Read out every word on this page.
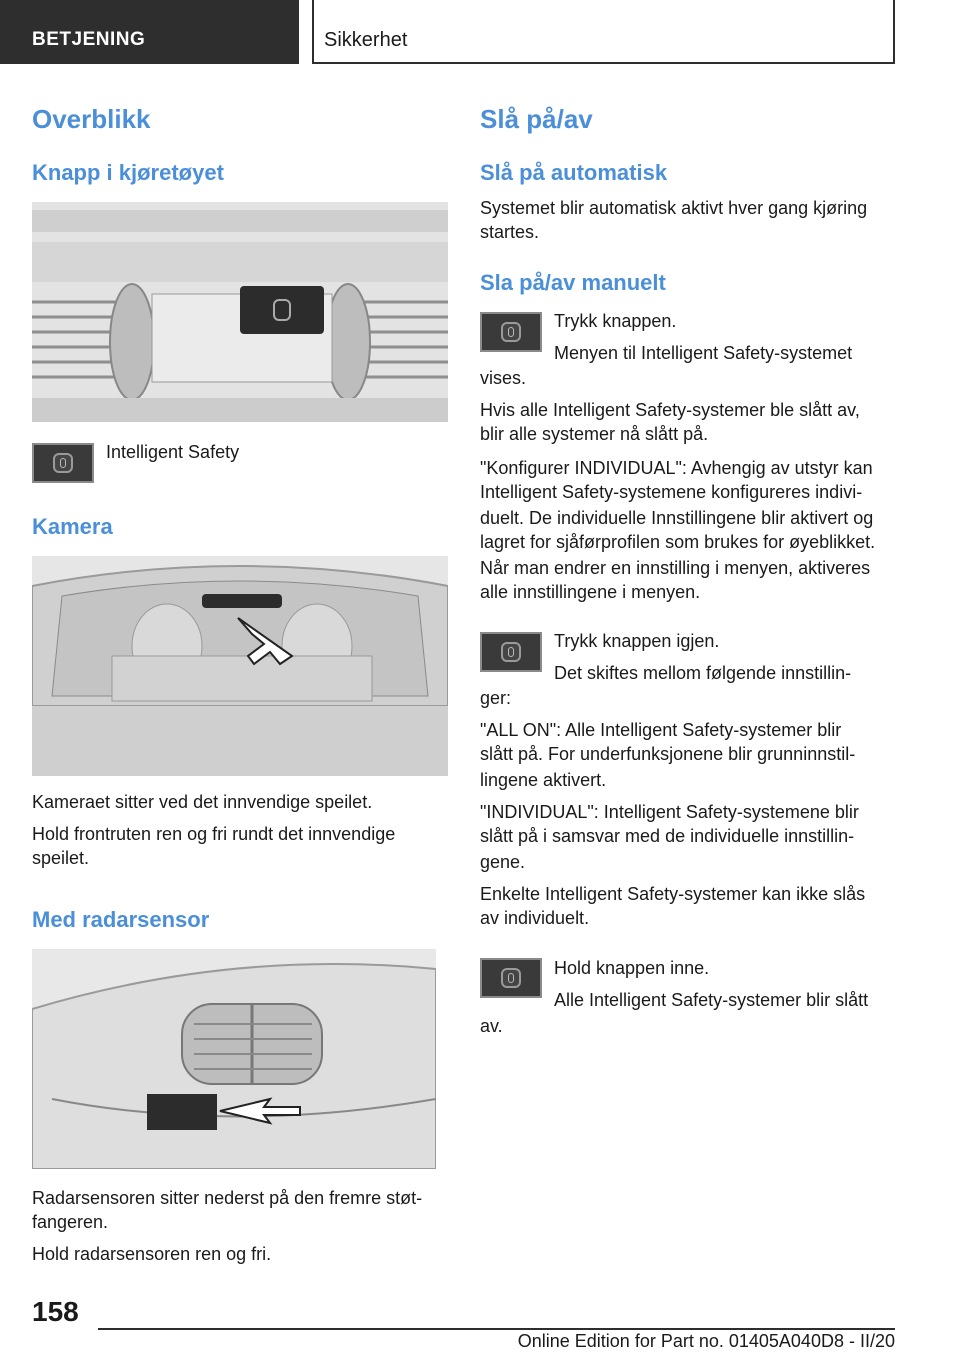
BETJENING	Sikkerhet
Overblikk
Knapp i kjøretøyet

Intelligent Safety

Kamera

Kameraet sitter ved det innvendige speilet.

Hold frontruten ren og fri rundt det innvendige

speilet.

Med radarsensor

Radarsensoren sitter nederst på den fremre støt‐

fangeren.

Hold radarsensoren ren og fri.

Slå på/av
Slå på automatisk

Systemet blir automatisk aktivt hver gang kjøring

startes.

Sla på/av manuelt

Trykk knappen.

Menyen til Intelligent Safety-systemet

vises.

Hvis alle Intelligent Safety-systemer ble slått av,

blir alle systemer nå slått på.

"Konfigurer INDIVIDUAL": Avhengig av utstyr kan

Intelligent Safety-systemene konfigureres indivi‐

duelt. De individuelle Innstillingene blir aktivert og

lagret for sjåførprofilen som brukes for øyeblikket.

Når man endrer en innstilling i menyen, aktiveres

alle innstillingene i menyen.

Trykk knappen igjen.

Det skiftes mellom følgende innstillin‐

ger:

"ALL ON": Alle Intelligent Safety-systemer blir

slått på. For underfunksjonene blir grunninnstil‐

lingene aktivert.

"INDIVIDUAL": Intelligent Safety-systemene blir

slått på i samsvar med de individuelle innstillin‐

gene.

Enkelte Intelligent Safety-systemer kan ikke slås

av individuelt.

Hold knappen inne.

Alle Intelligent Safety-systemer blir slått

av.

158
Online Edition for Part no. 01405A040D8 - II/20
